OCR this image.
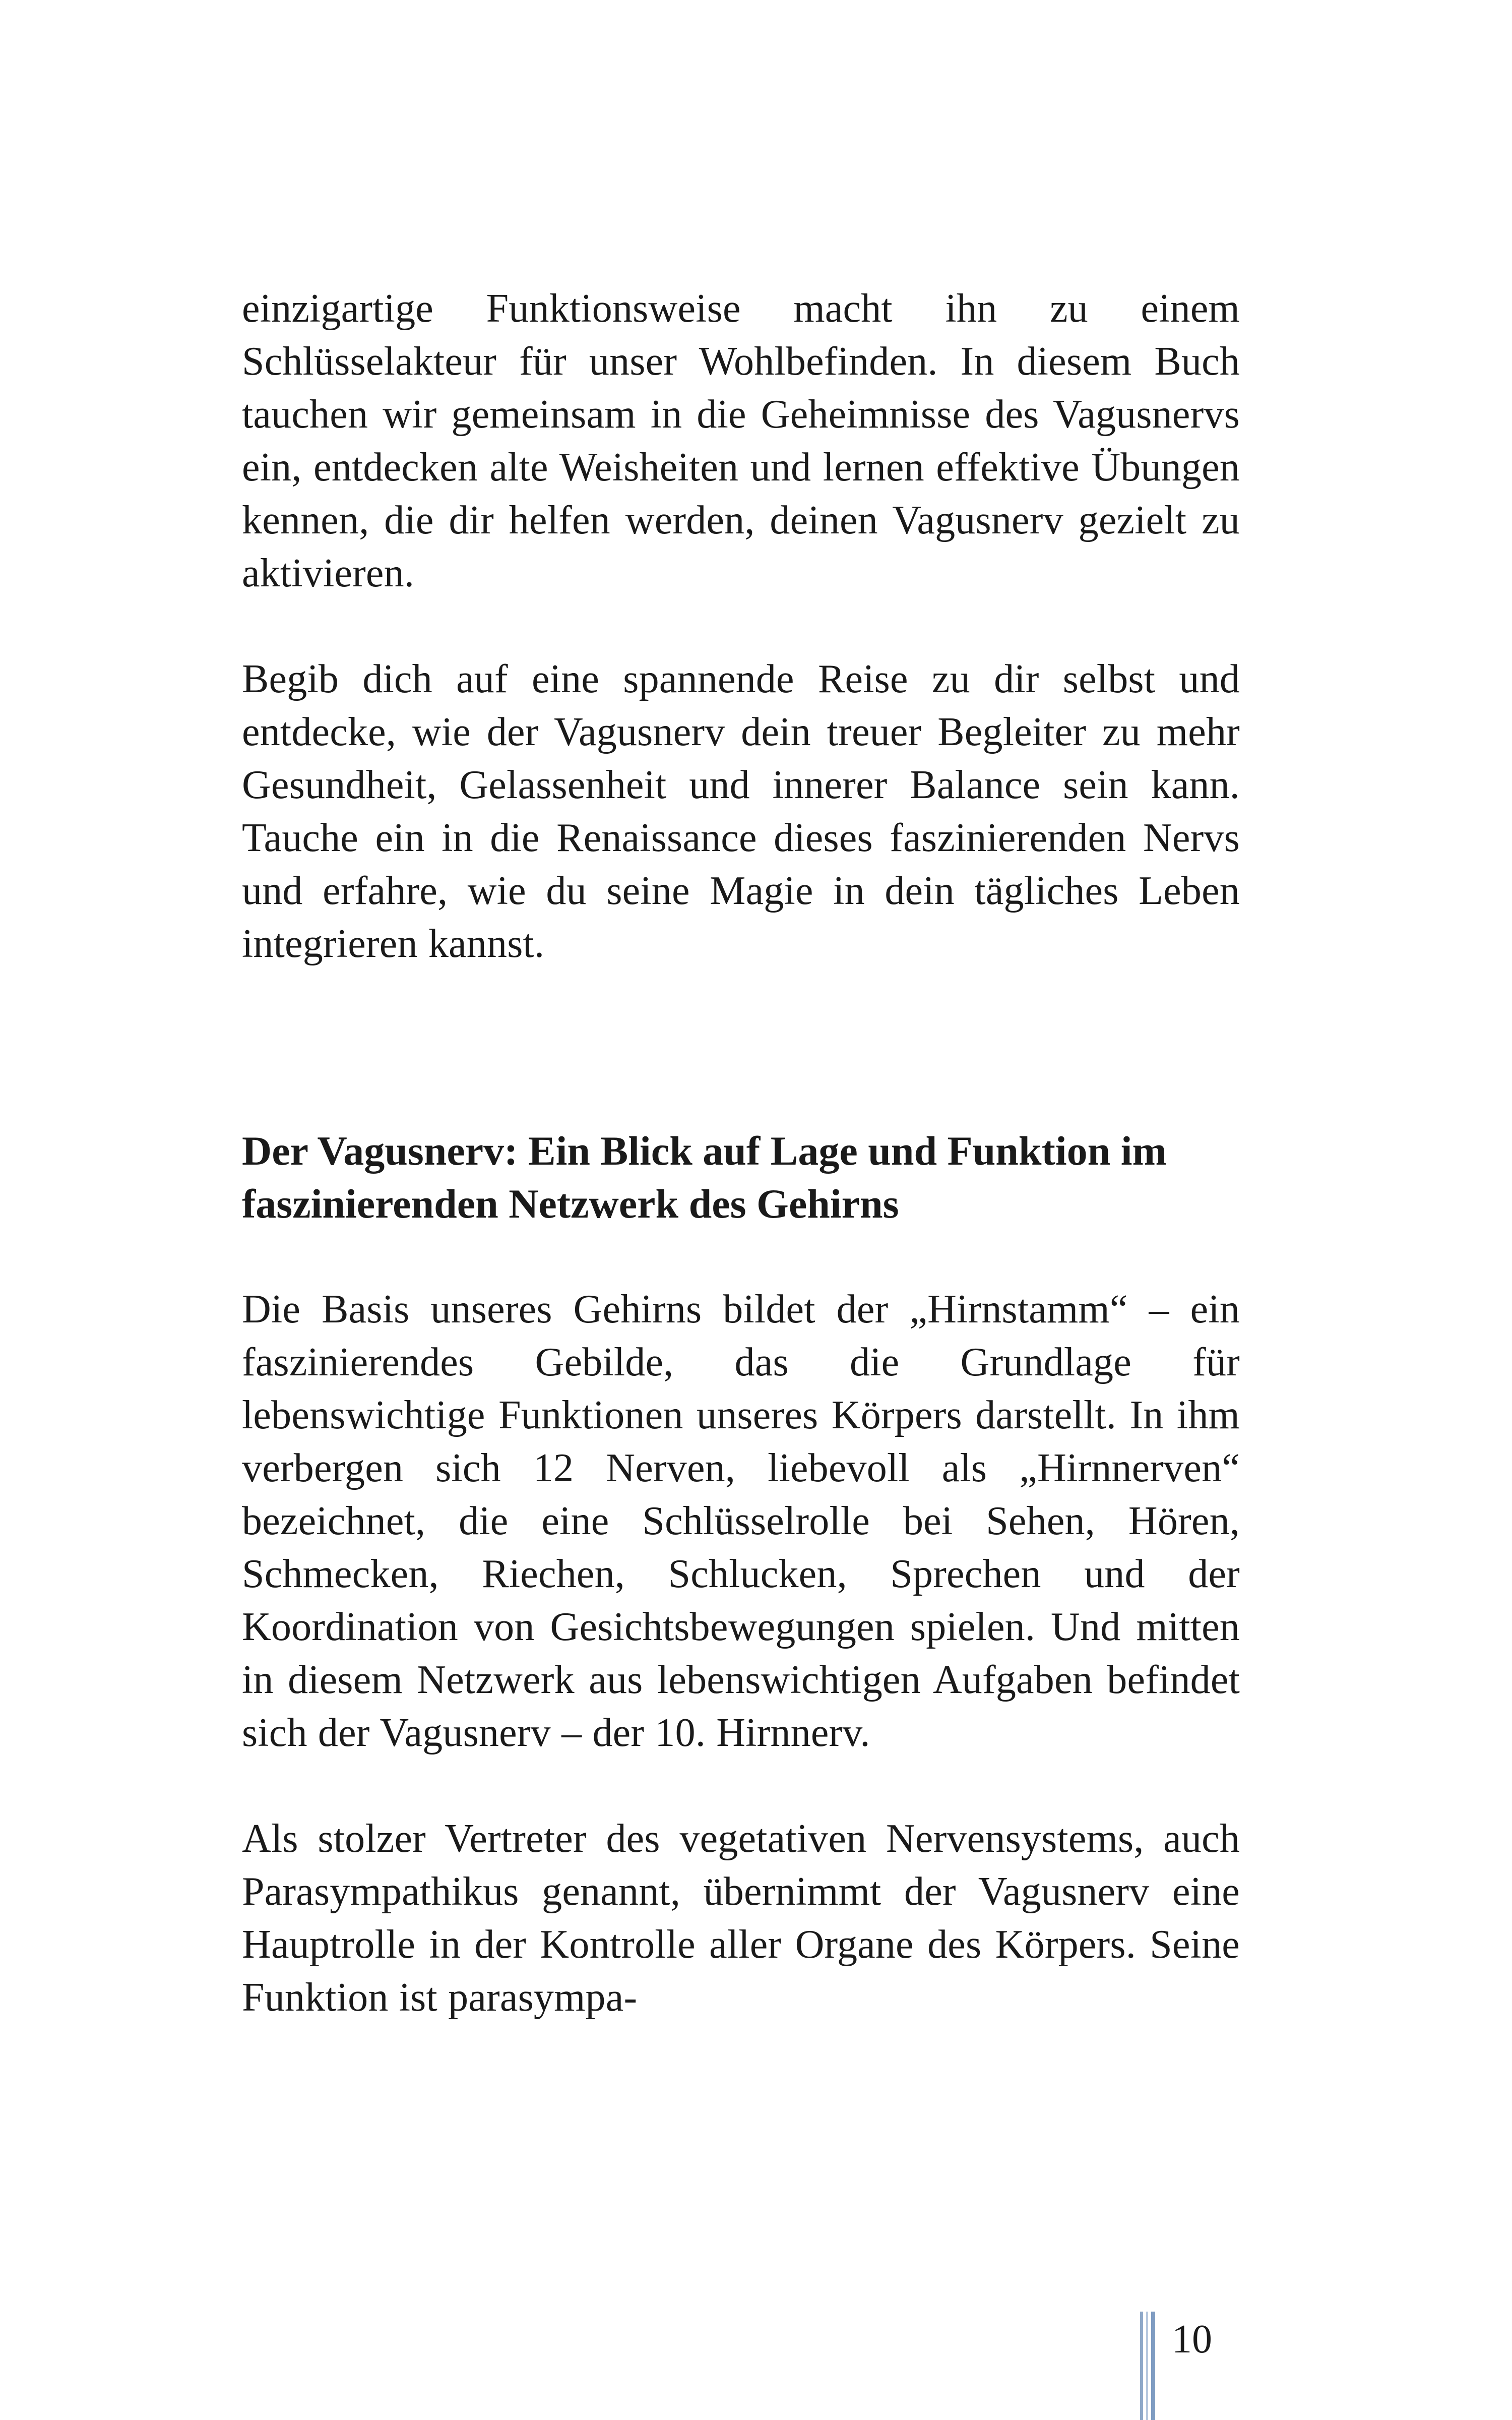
einzigartige Funktionsweise macht ihn zu einem Schlüsselakteur für unser Wohlbefinden. In diesem Buch tauchen wir gemeinsam in die Geheimnisse des Vagusnervs ein, entdecken alte Weisheiten und lernen effektive Übungen kennen, die dir helfen werden, deinen Vagusnerv gezielt zu aktivieren.

Begib dich auf eine spannende Reise zu dir selbst und entdecke, wie der Vagusnerv dein treuer Begleiter zu mehr Gesundheit, Gelassenheit und innerer Balance sein kann. Tauche ein in die Renaissance dieses faszinierenden Nervs und erfahre, wie du seine Magie in dein tägliches Leben integrieren kannst.

Der Vagusnerv: Ein Blick auf Lage und Funktion im faszinierenden Netzwerk des Gehirns

Die Basis unseres Gehirns bildet der „Hirnstamm“ – ein faszinierendes Gebilde, das die Grundlage für lebenswichtige Funktionen unseres Körpers darstellt. In ihm verbergen sich 12 Nerven, liebevoll als „Hirnnerven“ bezeichnet, die eine Schlüsselrolle bei Sehen, Hören, Schmecken, Riechen, Schlucken, Sprechen und der Koordination von Gesichtsbewegungen spielen. Und mitten in diesem Netzwerk aus lebenswichtigen Aufgaben befindet sich der Vagusnerv – der 10. Hirnnerv.

Als stolzer Vertreter des vegetativen Nervensystems, auch Parasympathikus genannt, übernimmt der Vagusnerv eine Hauptrolle in der Kontrolle aller Organe des Körpers. Seine Funktion ist parasympa-

10
